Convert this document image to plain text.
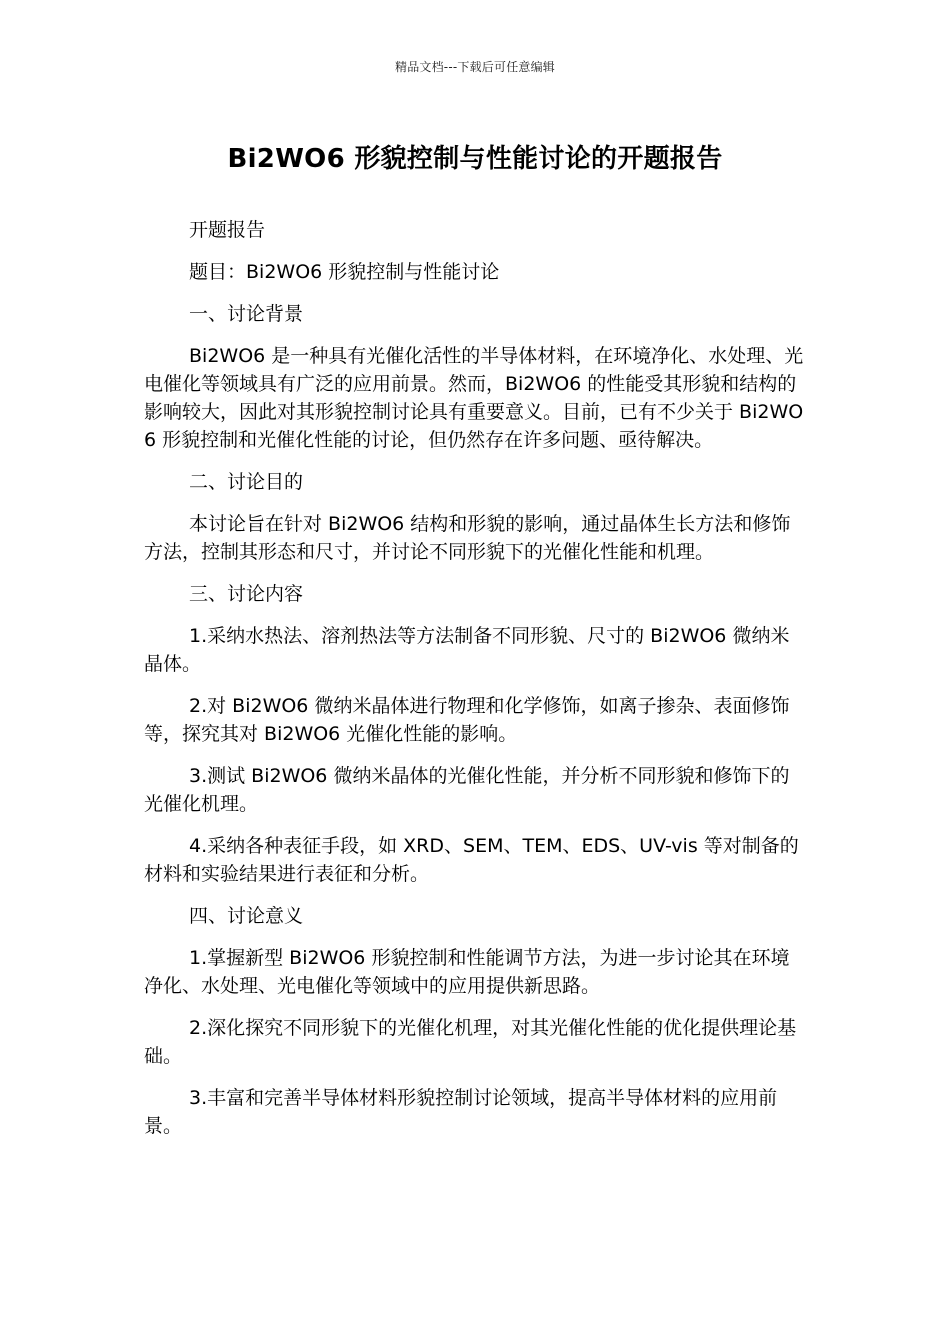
精品文档---下载后可任意编辑
Bi2WO6 形貌控制与性能讨论的开题报告

开题报告

题目：Bi2WO6 形貌控制与性能讨论

一、讨论背景

Bi2WO6 是一种具有光催化活性的半导体材料，在环境净化、水处理、光电催化等领域具有广泛的应用前景。然而，Bi2WO6 的性能受其形貌和结构的影响较大，因此对其形貌控制讨论具有重要意义。目前，已有不少关于 Bi2WO6 形貌控制和光催化性能的讨论，但仍然存在许多问题、亟待解决。

二、讨论目的

本讨论旨在针对 Bi2WO6 结构和形貌的影响，通过晶体生长方法和修饰方法，控制其形态和尺寸，并讨论不同形貌下的光催化性能和机理。

三、讨论内容

1.采纳水热法、溶剂热法等方法制备不同形貌、尺寸的 Bi2WO6 微纳米晶体。

2.对 Bi2WO6 微纳米晶体进行物理和化学修饰，如离子掺杂、表面修饰等，探究其对 Bi2WO6 光催化性能的影响。

3.测试 Bi2WO6 微纳米晶体的光催化性能，并分析不同形貌和修饰下的光催化机理。

4.采纳各种表征手段，如 XRD、SEM、TEM、EDS、UV-vis 等对制备的材料和实验结果进行表征和分析。

四、讨论意义

1.掌握新型 Bi2WO6 形貌控制和性能调节方法，为进一步讨论其在环境净化、水处理、光电催化等领域中的应用提供新思路。

2.深化探究不同形貌下的光催化机理，对其光催化性能的优化提供理论基础。

3.丰富和完善半导体材料形貌控制讨论领域，提高半导体材料的应用前景。
